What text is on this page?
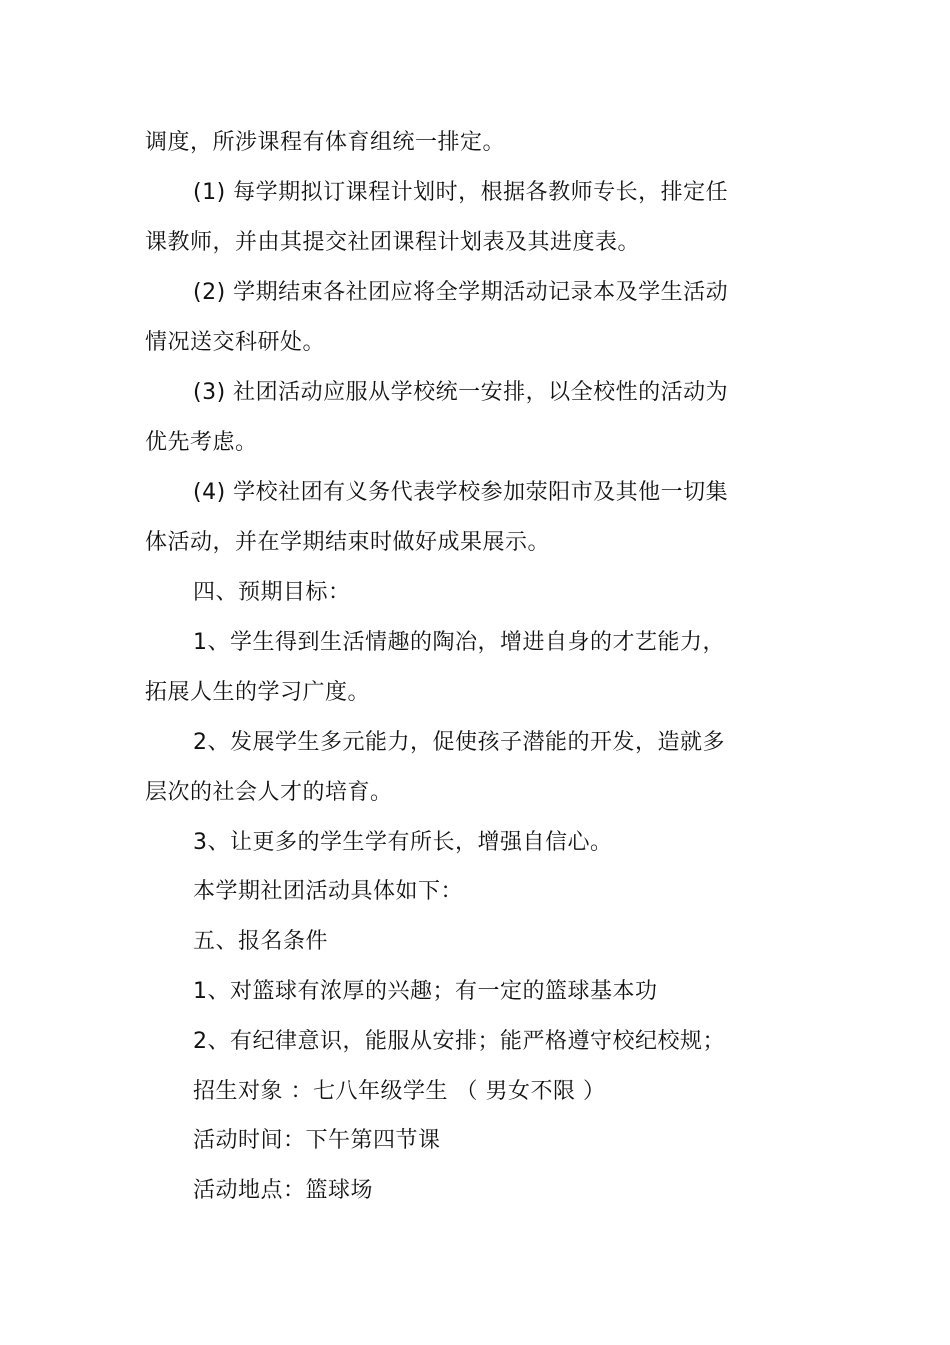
调度，所涉课程有体育组统一排定。
(1) 每学期拟订课程计划时，根据各教师专长，排定任
课教师，并由其提交社团课程计划表及其进度表。
(2) 学期结束各社团应将全学期活动记录本及学生活动
情况送交科研处。
(3) 社团活动应服从学校统一安排，以全校性的活动为
优先考虑。
(4) 学校社团有义务代表学校参加荥阳市及其他一切集
体活动，并在学期结束时做好成果展示。
四、预期目标：
1、学生得到生活情趣的陶冶，增进自身的才艺能力，
拓展人生的学习广度。
2、发展学生多元能力，促使孩子潜能的开发，造就多
层次的社会人才的培育。
3、让更多的学生学有所长，增强自信心。
本学期社团活动具体如下：
五、报名条件
1、对篮球有浓厚的兴趣；有一定的篮球基本功
2、有纪律意识，能服从安排；能严格遵守校纪校规；
招生对象 ：七八年级学生 （ 男女不限 ）
活动时间：下午第四节课
活动地点：篮球场
